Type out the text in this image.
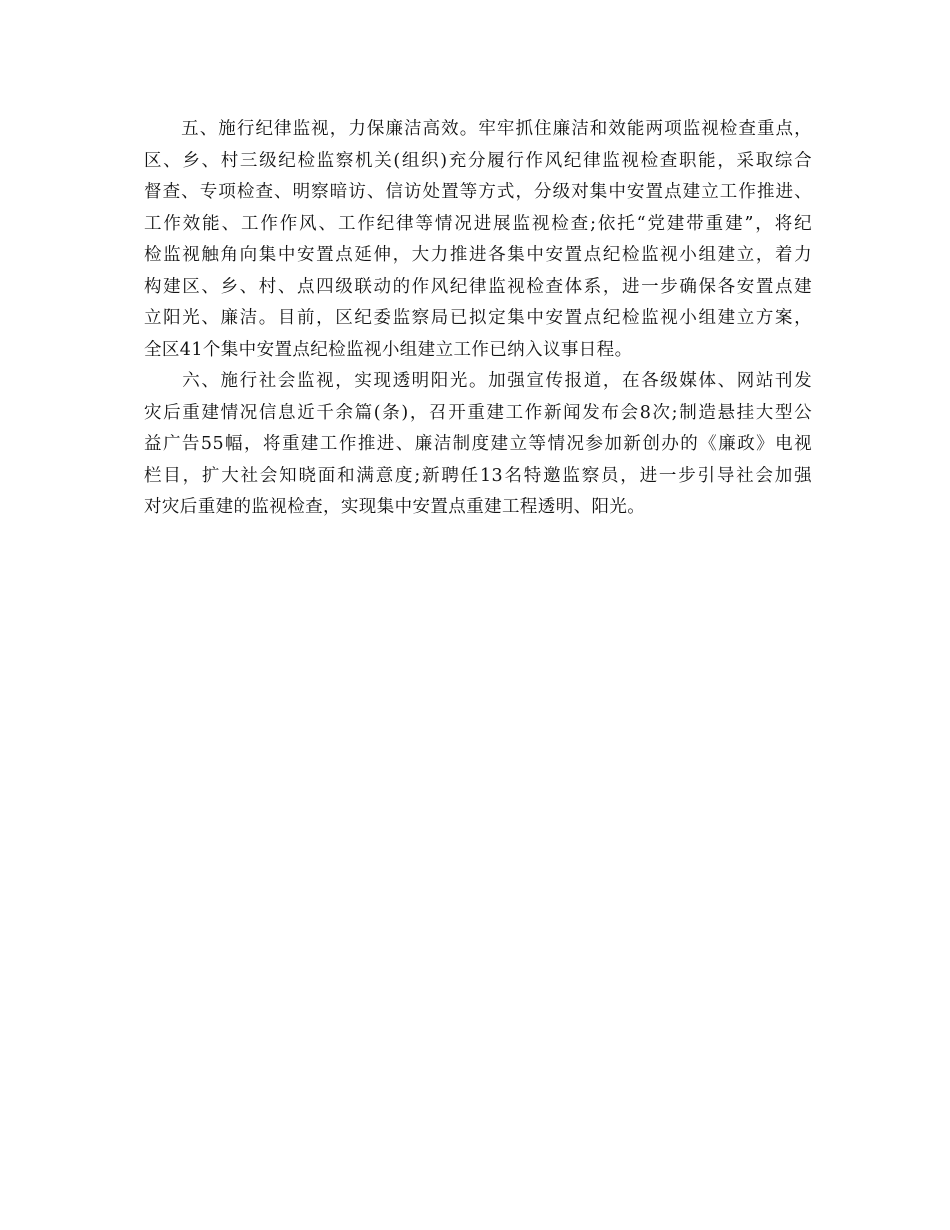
　　五、施行纪律监视，力保廉洁高效。牢牢抓住廉洁和效能两项监视检查重点，
区、乡、村三级纪检监察机关(组织)充分履行作风纪律监视检查职能，采取综合
督查、专项检查、明察暗访、信访处置等方式，分级对集中安置点建立工作推进、
工作效能、工作作风、工作纪律等情况进展监视检查;依托“党建带重建”，将纪
检监视触角向集中安置点延伸，大力推进各集中安置点纪检监视小组建立，着力
构建区、乡、村、点四级联动的作风纪律监视检查体系，进一步确保各安置点建
立阳光、廉洁。目前，区纪委监察局已拟定集中安置点纪检监视小组建立方案，
全区41个集中安置点纪检监视小组建立工作已纳入议事日程。
　　六、施行社会监视，实现透明阳光。加强宣传报道，在各级媒体、网站刊发
灾后重建情况信息近千余篇(条)，召开重建工作新闻发布会8次;制造悬挂大型公
益广告55幅，将重建工作推进、廉洁制度建立等情况参加新创办的《廉政》电视
栏目，扩大社会知晓面和满意度;新聘任13名特邀监察员，进一步引导社会加强
对灾后重建的监视检查，实现集中安置点重建工程透明、阳光。
